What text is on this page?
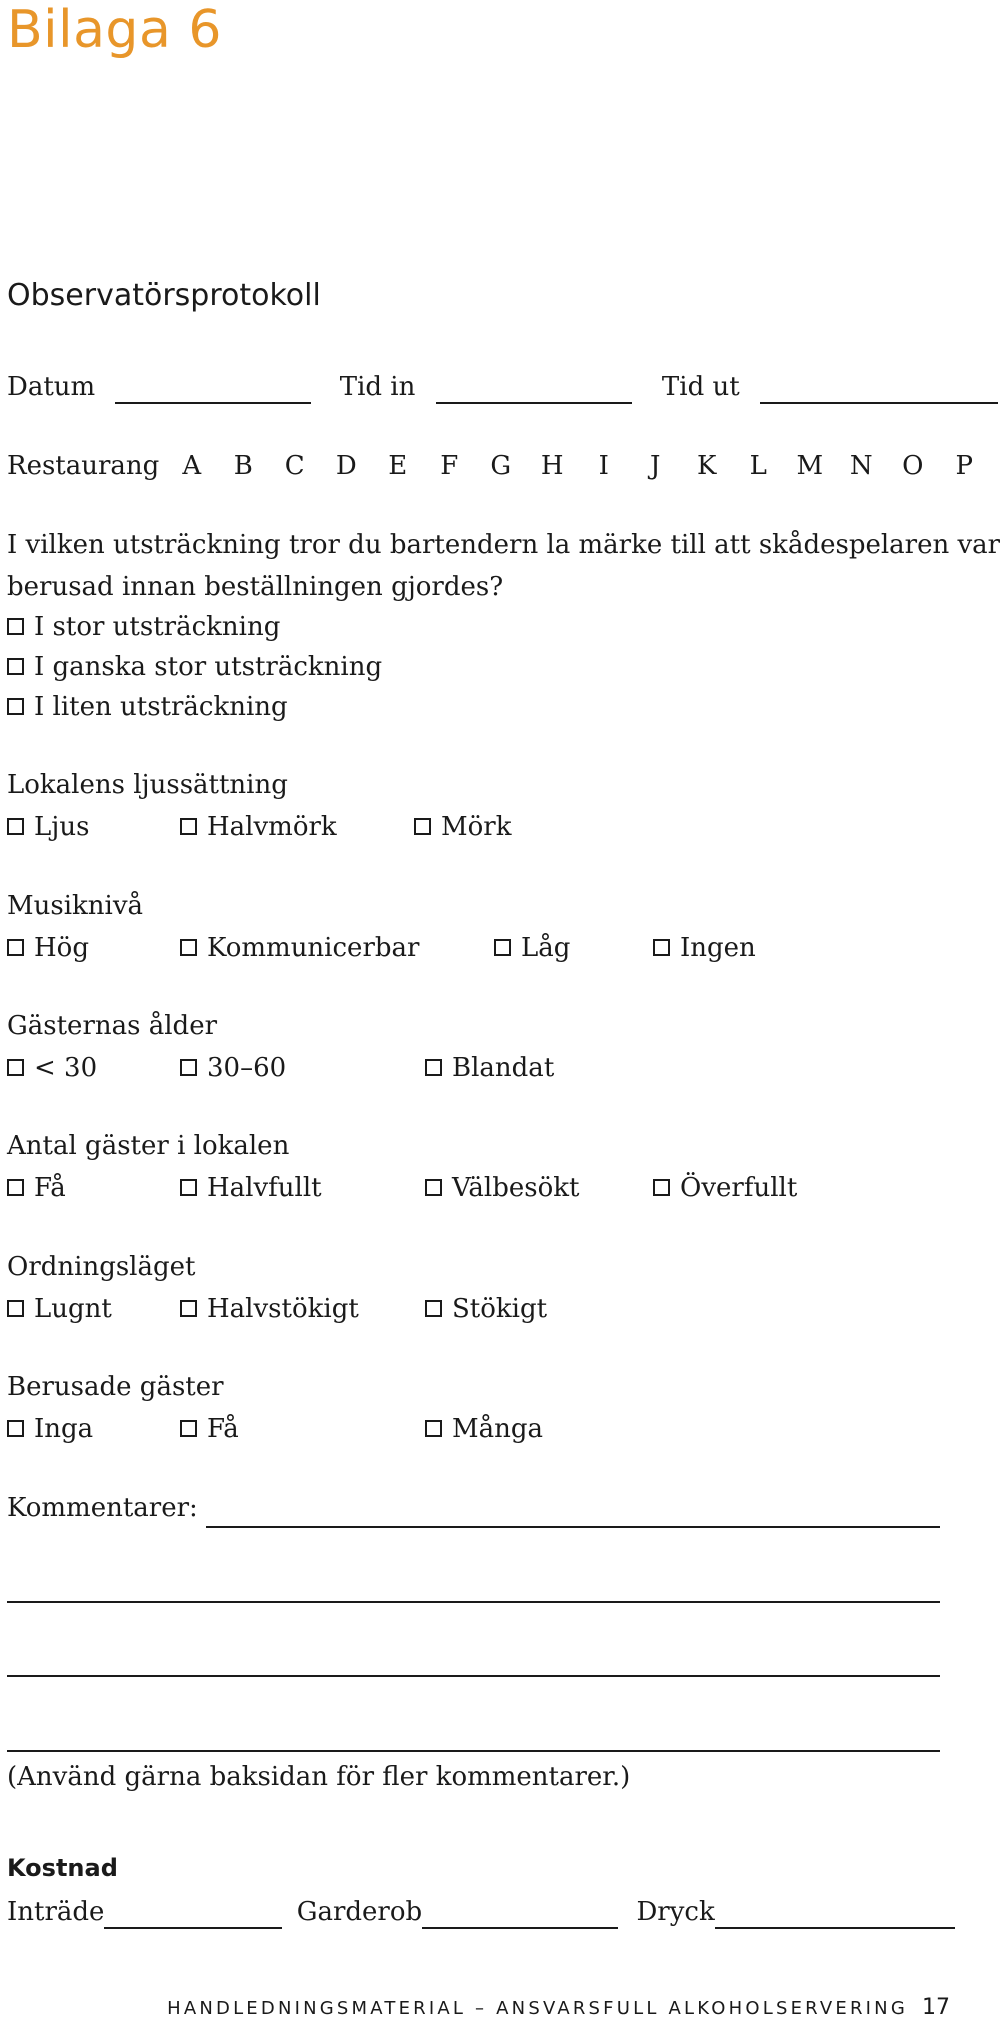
Bilaga 6
Observatörsprotokoll
Datum	Tid in	Tid ut
Restaurang A B C D E F G H I J K L M N O P
I vilken utsträckning tror du bartendern la märke till att skådespelaren var
berusad innan beställningen gjordes?
I stor utsträckning
I ganska stor utsträckning
I liten utsträckning
Lokalens ljussättning
Ljus	Halvmörk	Mörk
Musiknivå
Hög	Kommunicerbar	Låg	Ingen
Gästernas ålder
< 30	30–60	Blandat
Antal gäster i lokalen
Få	Halvfullt	Välbesökt	Överfullt
Ordningsläget
Lugnt	Halvstökigt	Stökigt
Berusade gäster
Inga	Få	Många
Kommentarer:
(Använd gärna baksidan för fler kommentarer.)
Kostnad
Inträde	Garderob	Dryck
HANDLEDNINGSMATERIAL – ANSVARSFULL ALKOHOLSERVERING 17
